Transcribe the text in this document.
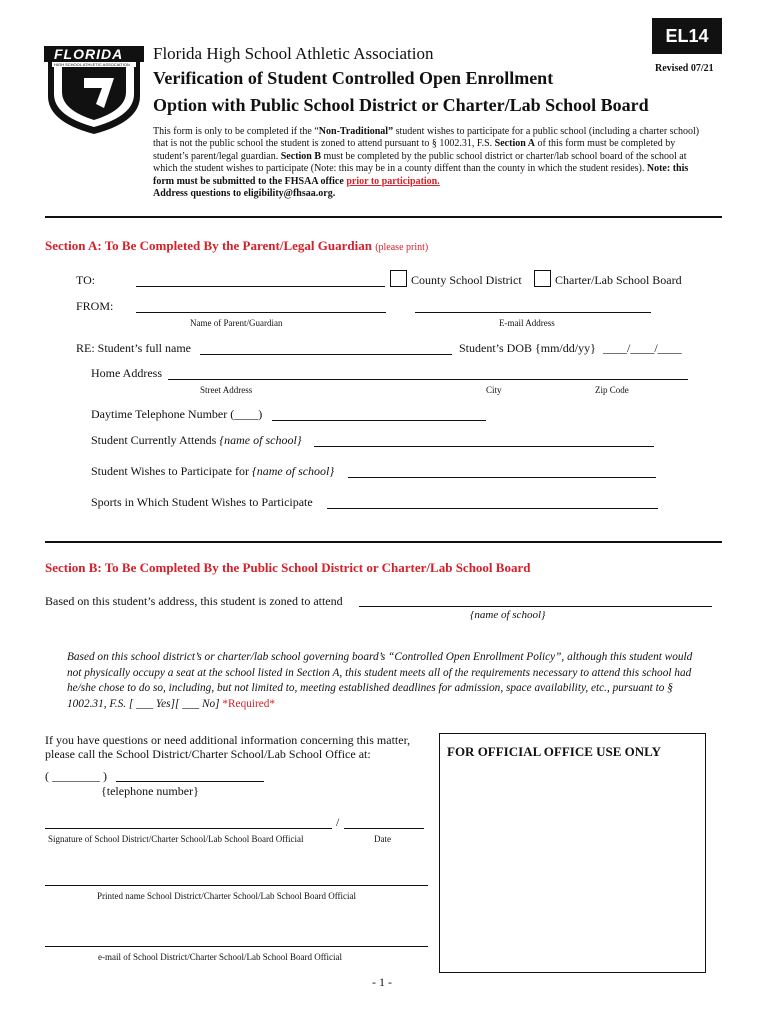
FLORIDA
HIGH SCHOOL ATHLETIC ASSOCIATION
Florida High School Athletic Association
Verification of Student Controlled Open Enrollment
Option with Public School District or Charter/Lab School Board
EL14
Revised 07/21
This form is only to be completed if the “Non-Traditional” student wishes to participate for a public school (including a charter school) that is not the public school the student is zoned to attend pursuant to § 1002.31, F.S. Section A of this form must be completed by student’s parent/legal guardian. Section B must be completed by the public school district or charter/lab school board of the school at which the student wishes to participate (Note: this may be in a county diffent than the county in which the student resides). Note: this form must be submitted to the FHSAA office prior to participation.
Address questions to eligibility@fhsaa.org.
Section A: To Be Completed By the Parent/Legal Guardian (please print)
TO:	County School District	Charter/Lab School Board
FROM:
Name of Parent/Guardian	E-mail Address
RE: Student’s full name	Student’s DOB {mm/dd/yy} ____/____/____
Home Address
Street Address	City	Zip Code
Daytime Telephone Number (____)
Student Currently Attends {name of school}
Student Wishes to Participate for {name of school}
Sports in Which Student Wishes to Participate
Section B: To Be Completed By the Public School District or Charter/Lab School Board
Based on this student’s address, this student is zoned to attend
{name of school}
Based on this school district’s or charter/lab school governing board’s “Controlled Open Enrollment Policy”, although this student would not physically occupy a seat at the school listed in Section A, this student meets all of the requirements necessary to attend this school had he/she chose to do so, including, but not limited to, meeting established deadlines for admission, space availability, etc., pursuant to § 1002.31, F.S. [ ___ Yes][ ___ No] *Required*
If you have questions or need additional information concerning this matter,
please call the School District/Charter School/Lab School Office at:
( ________ )
{telephone number}
/
Signature of School District/Charter School/Lab School Board Official	Date
Printed name School District/Charter School/Lab School Board Official
e-mail of School District/Charter School/Lab School Board Official
FOR OFFICIAL OFFICE USE ONLY
- 1 -
